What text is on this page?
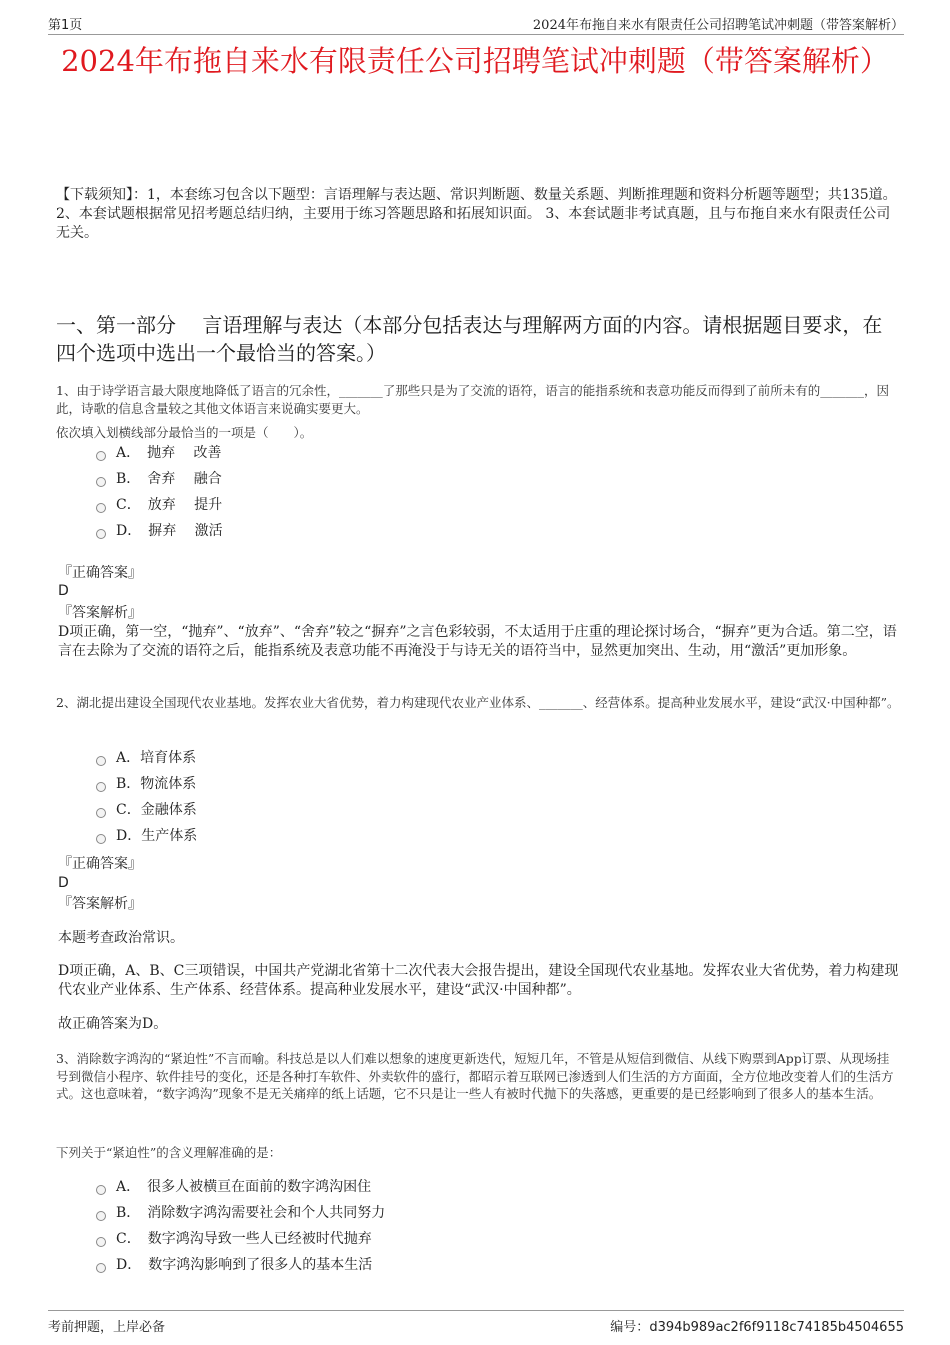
第1页	2024年布拖自来水有限责任公司招聘笔试冲刺题（带答案解析）
2024年布拖自来水有限责任公司招聘笔试冲刺题（带答案解析）
【下载须知】：1，本套练习包含以下题型：言语理解与表达题、常识判断题、数量关系题、判断推理题和资料分析题等题型；共135道。 2、本套试题根据常见招考题总结归纳，主要用于练习答题思路和拓展知识面。 3、本套试题非考试真题，且与布拖自来水有限责任公司无关。
一、第一部分　 言语理解与表达（本部分包括表达与理解两方面的内容。请根据题目要求，在四个选项中选出一个最恰当的答案。）
1、由于诗学语言最大限度地降低了语言的冗余性，_______了那些只是为了交流的语符，语言的能指系统和表意功能反而得到了前所未有的_______，因此，诗歌的信息含量较之其他文体语言来说确实要更大。
依次填入划横线部分最恰当的一项是（　　）。
A．　抛弃　 改善
B．　舍弃　 融合
C．　放弃　 提升
D．　摒弃　 激活
『正确答案』
D
『答案解析』
D项正确，第一空，“抛弃”、“放弃”、“舍弃”较之“摒弃”之言色彩较弱，不太适用于庄重的理论探讨场合，“摒弃”更为合适。第二空，语言在去除为了交流的语符之后，能指系统及表意功能不再淹没于与诗无关的语符当中，显然更加突出、生动，用“激活”更加形象。
2、湖北提出建设全国现代农业基地。发挥农业大省优势，着力构建现代农业产业体系、_______、经营体系。提高种业发展水平，建设“武汉·中国种都”。
A．培育体系
B．物流体系
C．金融体系
D．生产体系
『正确答案』
D
『答案解析』
本题考查政治常识。
D项正确，A、B、C三项错误，中国共产党湖北省第十二次代表大会报告提出，建设全国现代农业基地。发挥农业大省优势，着力构建现代农业产业体系、生产体系、经营体系。提高种业发展水平，建设“武汉·中国种都”。
故正确答案为D。
3、消除数字鸿沟的“紧迫性”不言而喻。科技总是以人们难以想象的速度更新迭代，短短几年，不管是从短信到微信、从线下购票到App订票、从现场挂号到微信小程序、软件挂号的变化，还是各种打车软件、外卖软件的盛行，都昭示着互联网已渗透到人们生活的方方面面，全方位地改变着人们的生活方式。这也意味着，“数字鸿沟”现象不是无关痛痒的纸上话题，它不只是让一些人有被时代抛下的失落感，更重要的是已经影响到了很多人的基本生活。
下列关于“紧迫性”的含义理解准确的是：
A．　很多人被横亘在面前的数字鸿沟困住
B．　消除数字鸿沟需要社会和个人共同努力
C．　数字鸿沟导致一些人已经被时代抛弃
D．　数字鸿沟影响到了很多人的基本生活
考前押题，上岸必备	编号：d394b989ac2f6f9118c74185b4504655
